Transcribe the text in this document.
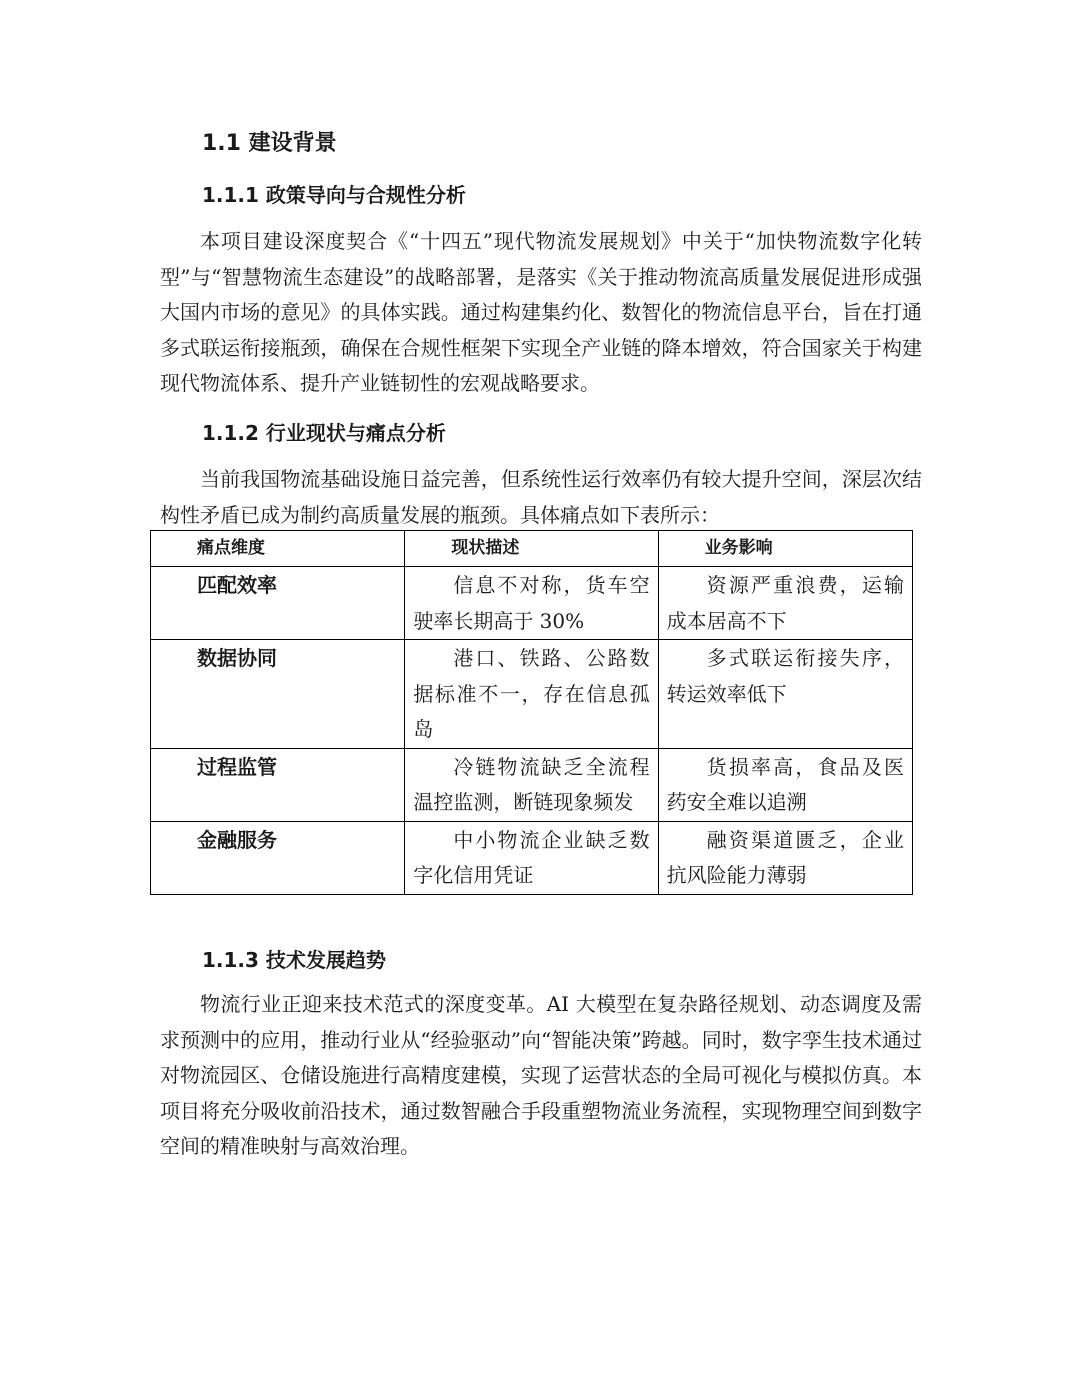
1.1 建设背景
1.1.1 政策导向与合规性分析

本项目建设深度契合《“十四五”现代物流发展规划》中关于“加快物流数字化转型”与“智慧物流生态建设”的战略部署，是落实《关于推动物流高质量发展促进形成强大国内市场的意见》的具体实践。通过构建集约化、数智化的物流信息平台，旨在打通多式联运衔接瓶颈，确保在合规性框架下实现全产业链的降本增效，符合国家关于构建现代物流体系、提升产业链韧性的宏观战略要求。

1.1.2 行业现状与痛点分析

当前我国物流基础设施日益完善，但系统性运行效率仍有较大提升空间，深层次结构性矛盾已成为制约高质量发展的瓶颈。具体痛点如下表所示：

痛点维度	现状描述	业务影响
匹配效率	信息不对称，货车空驶率长期高于 30%	资源严重浪费，运输成本居高不下
数据协同	港口、铁路、公路数据标准不一，存在信息孤岛	多式联运衔接失序，转运效率低下
过程监管	冷链物流缺乏全流程温控监测，断链现象频发	货损率高，食品及医药安全难以追溯
金融服务	中小物流企业缺乏数字化信用凭证	融资渠道匮乏，企业抗风险能力薄弱
1.1.3 技术发展趋势

物流行业正迎来技术范式的深度变革。AI 大模型在复杂路径规划、动态调度及需求预测中的应用，推动行业从“经验驱动”向“智能决策”跨越。同时，数字孪生技术通过对物流园区、仓储设施进行高精度建模，实现了运营状态的全局可视化与模拟仿真。本项目将充分吸收前沿技术，通过数智融合手段重塑物流业务流程，实现物理空间到数字空间的精准映射与高效治理。
